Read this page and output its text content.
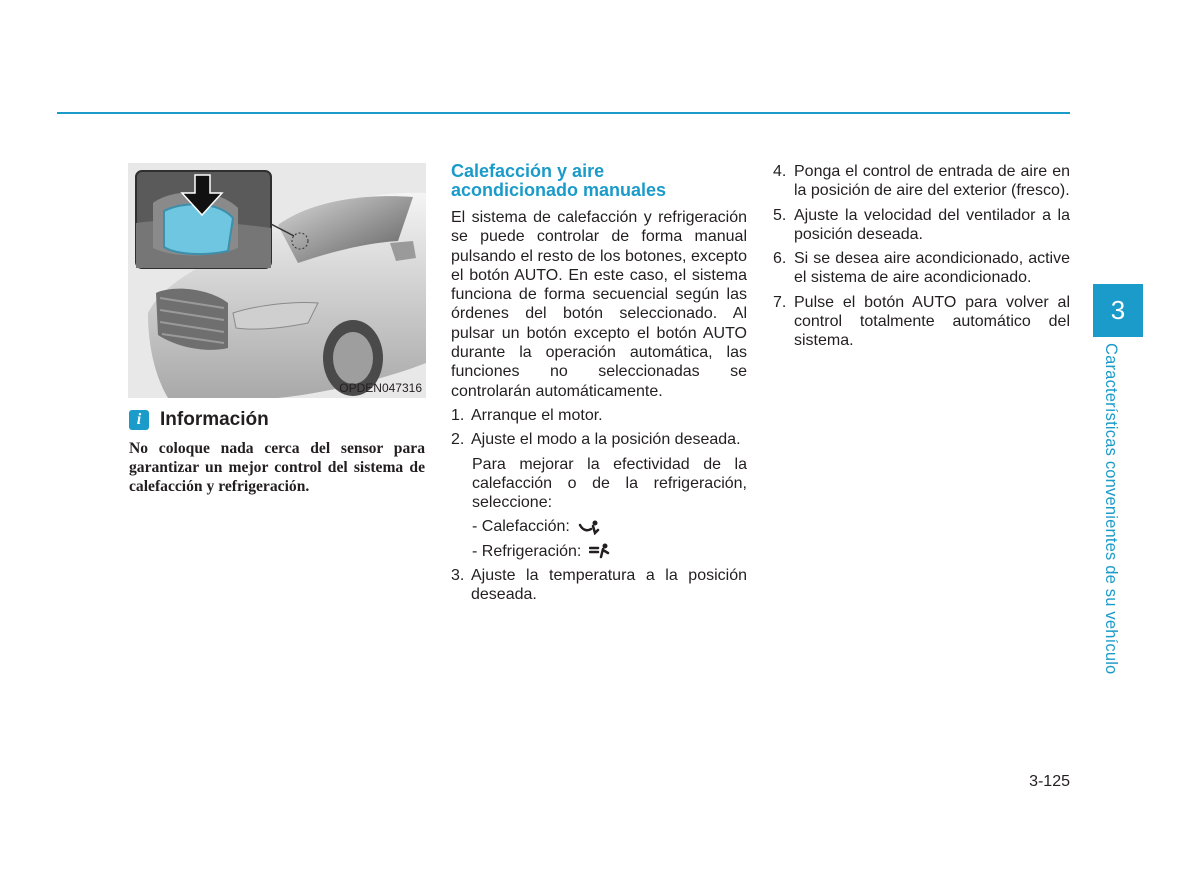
OPDEN047316
i Información

No coloque nada cerca del sensor para garantizar un mejor control del sistema de calefacción y refrigeración.

Calefacción y aire
acondicionado manuales
El sistema de calefacción y refrigeración se puede controlar de forma manual pulsando el resto de los botones, excepto el botón AUTO. En este caso, el sistema funciona de forma secuencial según las órdenes del botón seleccionado. Al pulsar un botón excepto el botón AUTO durante la operación automática, las funciones no seleccionadas se controlarán automáticamente.
1. Arranque el motor.
2. Ajuste el modo a la posición deseada.
Para mejorar la efectividad de la calefacción o de la refrigeración, seleccione:
- Calefacción:
- Refrigeración:
3. Ajuste la temperatura a la posición deseada.
4. Ponga el control de entrada de aire en la posición de aire del exterior (fresco).
5. Ajuste la velocidad del ventilador a la posición deseada.
6. Si se desea aire acondicionado, active el sistema de aire acondicionado.
7. Pulse el botón AUTO para volver al control totalmente automático del sistema.
3
Características convenientes de su vehículo
3-125
